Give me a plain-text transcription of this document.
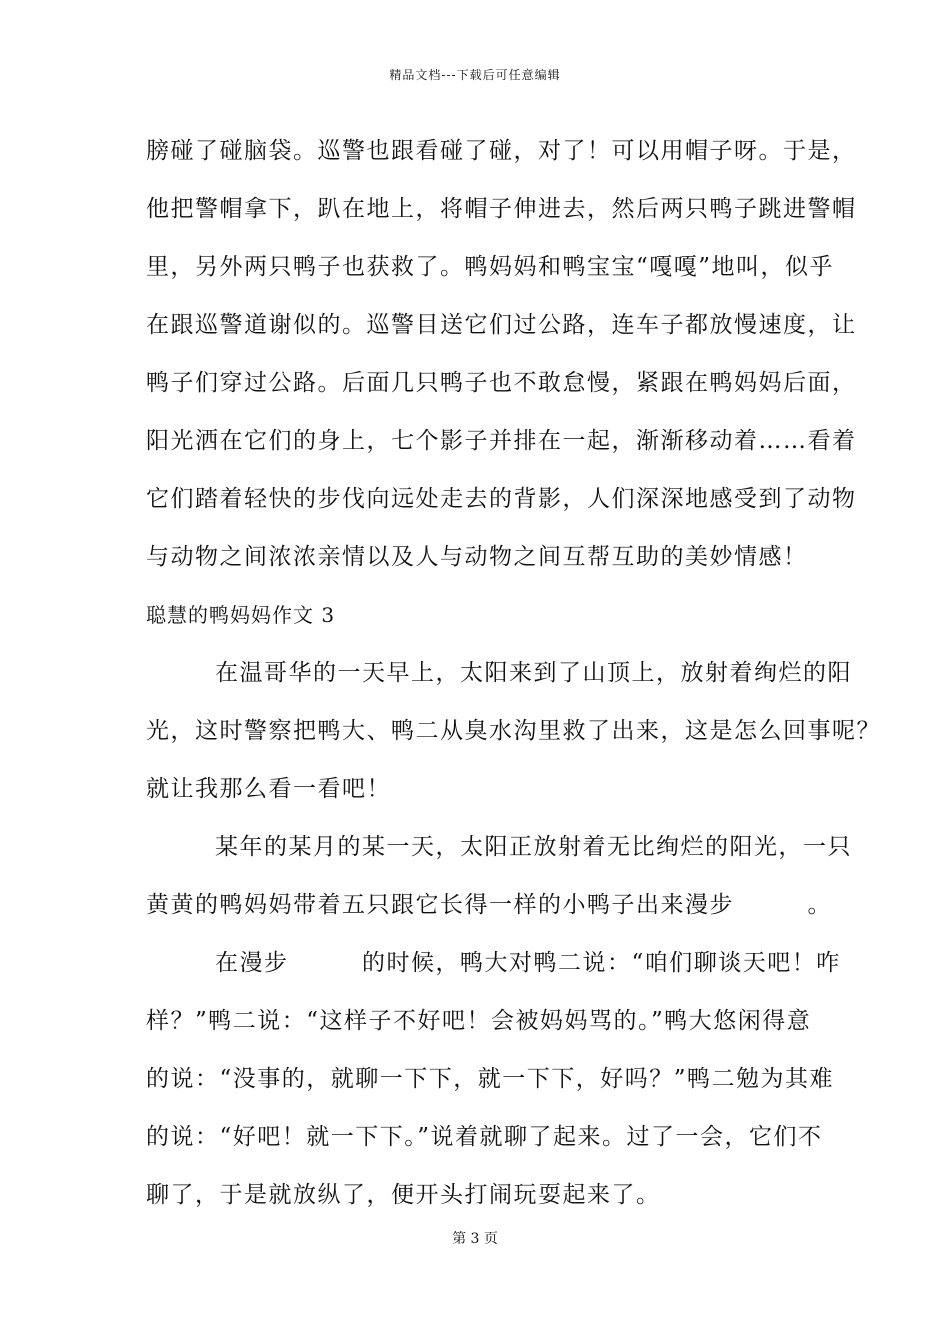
精品文档---下载后可任意编辑
膀碰了碰脑袋。巡警也跟看碰了碰，对了！可以用帽子呀。于是，
他把警帽拿下，趴在地上，将帽子伸进去，然后两只鸭子跳进警帽
里，另外两只鸭子也获救了。鸭妈妈和鸭宝宝“嘎嘎”地叫，似乎
在跟巡警道谢似的。巡警目送它们过公路，连车子都放慢速度，让
鸭子们穿过公路。后面几只鸭子也不敢怠慢，紧跟在鸭妈妈后面，
阳光洒在它们的身上，七个影子并排在一起，渐渐移动着……看着
它们踏着轻快的步伐向远处走去的背影，人们深深地感受到了动物
与动物之间浓浓亲情以及人与动物之间互帮互助的美妙情感！
聪慧的鸭妈妈作文 3
在温哥华的一天早上，太阳来到了山顶上，放射着绚烂的阳
光，这时警察把鸭大、鸭二从臭水沟里救了出来，这是怎么回事呢？
就让我那么看一看吧！
某年的某月的某一天，太阳正放射着无比绚烂的阳光，一只
黄黄的鸭妈妈带着五只跟它长得一样的小鸭子出来漫步　　　。
在漫步　　　的时候，鸭大对鸭二说：“咱们聊谈天吧！咋
样？”鸭二说：“这样子不好吧！会被妈妈骂的。”鸭大悠闲得意
的说：“没事的，就聊一下下，就一下下，好吗？”鸭二勉为其难
的说：“好吧！就一下下。”说着就聊了起来。过了一会，它们不
聊了，于是就放纵了，便开头打闹玩耍起来了。
第 3 页
